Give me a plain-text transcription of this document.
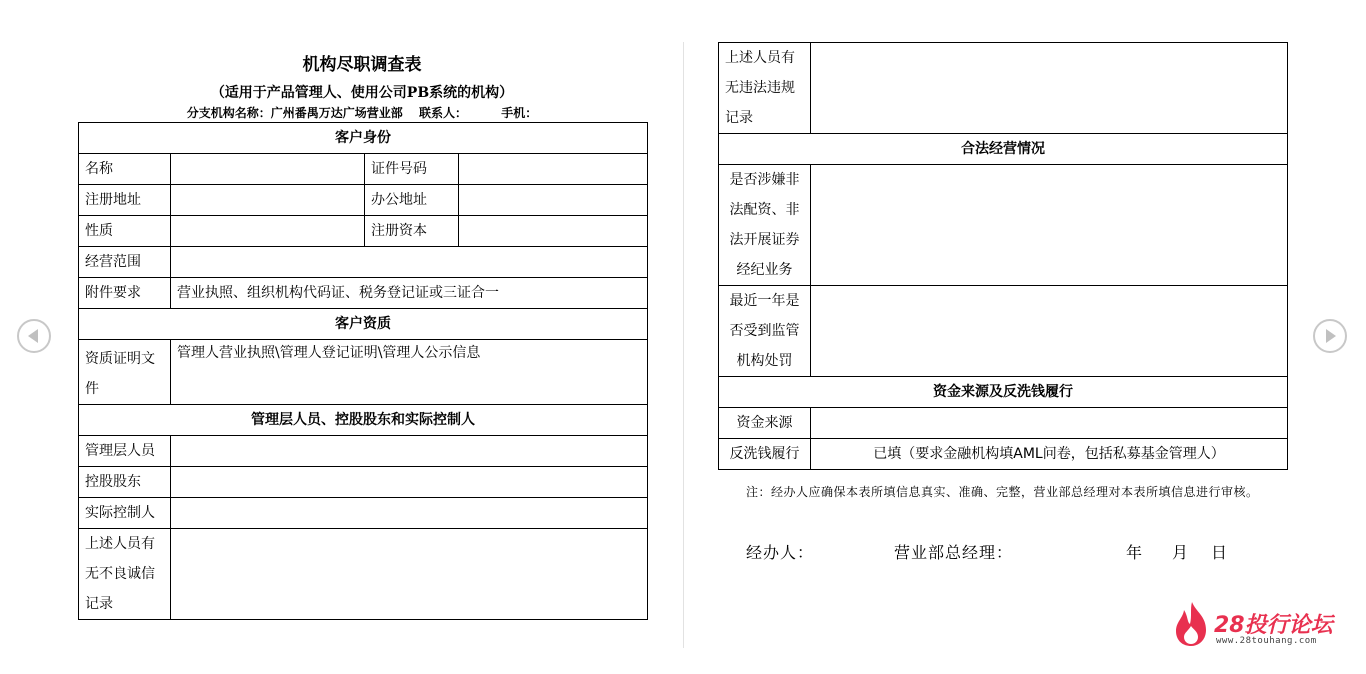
机构尽职调查表
（适用于产品管理人、使用公司PB系统的机构）
分支机构名称：广州番禺万达广场营业部 联系人：	手机：
客户身份			
名称		证件号码	
注册地址		办公地址	
性质		注册资本	
经营范围			
附件要求	营业执照、组织机构代码证、税务登记证或三证合一		
客户资质			
资质证明文件	管理人营业执照\管理人登记证明\管理人公示信息		
管理层人员、控股股东和实际控制人			
管理层人员			
控股股东			
实际控制人			
上述人员有无不良诚信记录			
上述人员有无违法违规记录	
合法经营情况	
是否涉嫌非法配资、非法开展证券经纪业务	
最近一年是否受到监管机构处罚	
资金来源及反洗钱履行	
资金来源	
反洗钱履行	已填（要求金融机构填AML问卷，包括私募基金管理人）
注：经办人应确保本表所填信息真实、准确、完整，营业部总经理对本表所填信息进行审核。
经办人：	营业部总经理：	年 月 日
28投行论坛
www.28touhang.com
